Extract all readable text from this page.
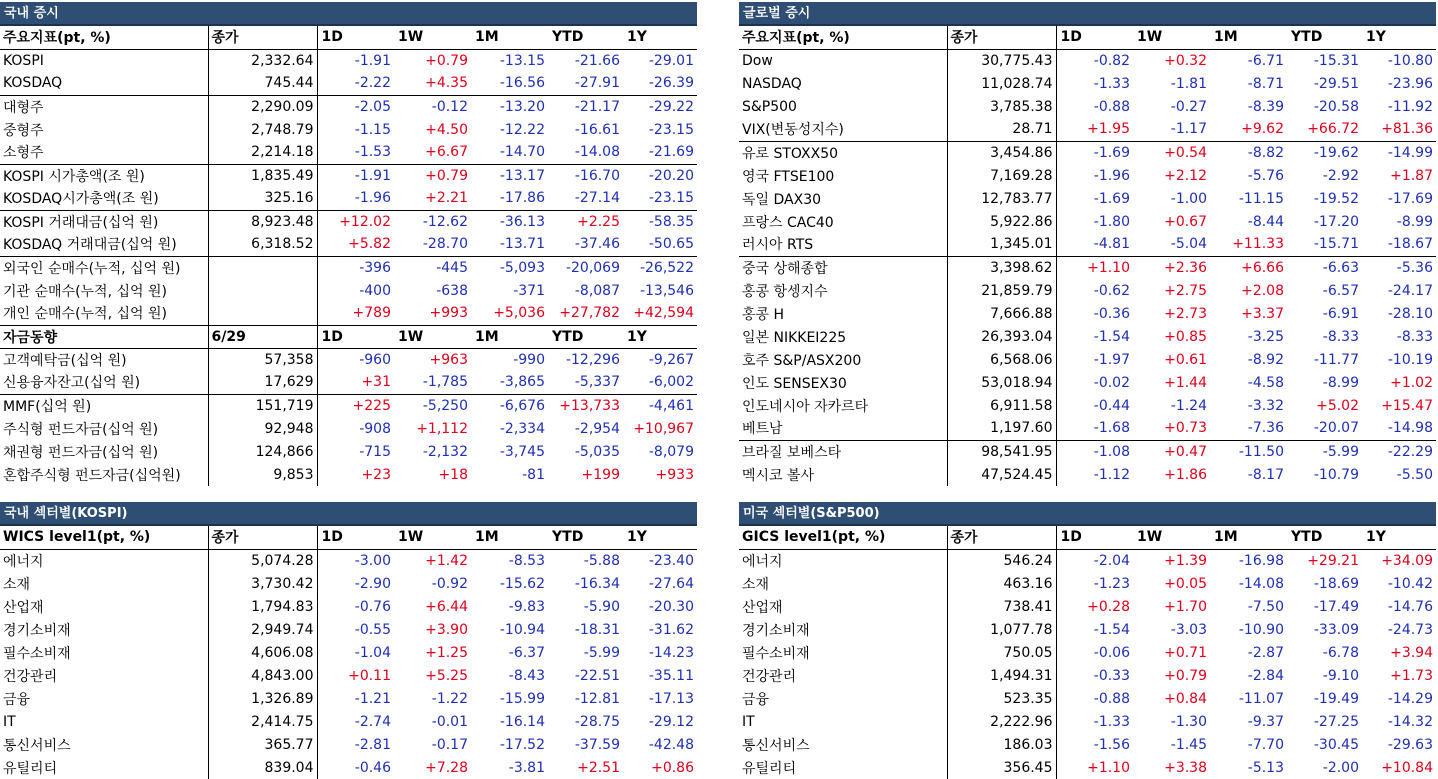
국내 증시
주요지표(pt, %)	종가	1D	1W	1M	YTD	1Y
KOSPI	2,332.64	-1.91	+0.79	-13.15	-21.66	-29.01
KOSDAQ	745.44	-2.22	+4.35	-16.56	-27.91	-26.39
대형주	2,290.09	-2.05	-0.12	-13.20	-21.17	-29.22
중형주	2,748.79	-1.15	+4.50	-12.22	-16.61	-23.15
소형주	2,214.18	-1.53	+6.67	-14.70	-14.08	-21.69
KOSPI 시가총액(조 원)	1,835.49	-1.91	+0.79	-13.17	-16.70	-20.20
KOSDAQ시가총액(조 원)	325.16	-1.96	+2.21	-17.86	-27.14	-23.15
KOSPI 거래대금(십억 원)	8,923.48	+12.02	-12.62	-36.13	+2.25	-58.35
KOSDAQ 거래대금(십억 원)	6,318.52	+5.82	-28.70	-13.71	-37.46	-50.65
외국인 순매수(누적, 십억 원)		-396	-445	-5,093	-20,069	-26,522
기관 순매수(누적, 십억 원)		-400	-638	-371	-8,087	-13,546
개인 순매수(누적, 십억 원)		+789	+993	+5,036	+27,782	+42,594
자금동향	6/29	1D	1W	1M	YTD	1Y
고객예탁금(십억 원)	57,358	-960	+963	-990	-12,296	-9,267
신용융자잔고(십억 원)	17,629	+31	-1,785	-3,865	-5,337	-6,002
MMF(십억 원)	151,719	+225	-5,250	-6,676	+13,733	-4,461
주식형 펀드자금(십억 원)	92,948	-908	+1,112	-2,334	-2,954	+10,967
채권형 펀드자금(십억 원)	124,866	-715	-2,132	-3,745	-5,035	-8,079
혼합주식형 펀드자금(십억원)	9,853	+23	+18	-81	+199	+933
글로벌 증시
주요지표(pt, %)	종가	1D	1W	1M	YTD	1Y
Dow	30,775.43	-0.82	+0.32	-6.71	-15.31	-10.80
NASDAQ	11,028.74	-1.33	-1.81	-8.71	-29.51	-23.96
S&P500	3,785.38	-0.88	-0.27	-8.39	-20.58	-11.92
VIX(변동성지수)	28.71	+1.95	-1.17	+9.62	+66.72	+81.36
유로 STOXX50	3,454.86	-1.69	+0.54	-8.82	-19.62	-14.99
영국 FTSE100	7,169.28	-1.96	+2.12	-5.76	-2.92	+1.87
독일 DAX30	12,783.77	-1.69	-1.00	-11.15	-19.52	-17.69
프랑스 CAC40	5,922.86	-1.80	+0.67	-8.44	-17.20	-8.99
러시아 RTS	1,345.01	-4.81	-5.04	+11.33	-15.71	-18.67
중국 상해종합	3,398.62	+1.10	+2.36	+6.66	-6.63	-5.36
홍콩 항셍지수	21,859.79	-0.62	+2.75	+2.08	-6.57	-24.17
홍콩 H	7,666.88	-0.36	+2.73	+3.37	-6.91	-28.10
일본 NIKKEI225	26,393.04	-1.54	+0.85	-3.25	-8.33	-8.33
호주 S&P/ASX200	6,568.06	-1.97	+0.61	-8.92	-11.77	-10.19
인도 SENSEX30	53,018.94	-0.02	+1.44	-4.58	-8.99	+1.02
인도네시아 자카르타	6,911.58	-0.44	-1.24	-3.32	+5.02	+15.47
베트남	1,197.60	-1.68	+0.73	-7.36	-20.07	-14.98
브라질 보베스타	98,541.95	-1.08	+0.47	-11.50	-5.99	-22.29
멕시코 볼사	47,524.45	-1.12	+1.86	-8.17	-10.79	-5.50
국내 섹터별(KOSPI)
WICS level1(pt, %)	종가	1D	1W	1M	YTD	1Y
에너지	5,074.28	-3.00	+1.42	-8.53	-5.88	-23.40
소재	3,730.42	-2.90	-0.92	-15.62	-16.34	-27.64
산업재	1,794.83	-0.76	+6.44	-9.83	-5.90	-20.30
경기소비재	2,949.74	-0.55	+3.90	-10.94	-18.31	-31.62
필수소비재	4,606.08	-1.04	+1.25	-6.37	-5.99	-14.23
건강관리	4,843.00	+0.11	+5.25	-8.43	-22.51	-35.11
금융	1,326.89	-1.21	-1.22	-15.99	-12.81	-17.13
IT	2,414.75	-2.74	-0.01	-16.14	-28.75	-29.12
통신서비스	365.77	-2.81	-0.17	-17.52	-37.59	-42.48
유틸리티	839.04	-0.46	+7.28	-3.81	+2.51	+0.86
미국 섹터별(S&P500)
GICS level1(pt, %)	종가	1D	1W	1M	YTD	1Y
에너지	546.24	-2.04	+1.39	-16.98	+29.21	+34.09
소재	463.16	-1.23	+0.05	-14.08	-18.69	-10.42
산업재	738.41	+0.28	+1.70	-7.50	-17.49	-14.76
경기소비재	1,077.78	-1.54	-3.03	-10.90	-33.09	-24.73
필수소비재	750.05	-0.06	+0.71	-2.87	-6.78	+3.94
건강관리	1,494.31	-0.33	+0.79	-2.84	-9.10	+1.73
금융	523.35	-0.88	+0.84	-11.07	-19.49	-14.29
IT	2,222.96	-1.33	-1.30	-9.37	-27.25	-14.32
통신서비스	186.03	-1.56	-1.45	-7.70	-30.45	-29.63
유틸리티	356.45	+1.10	+3.38	-5.13	-2.00	+10.84
